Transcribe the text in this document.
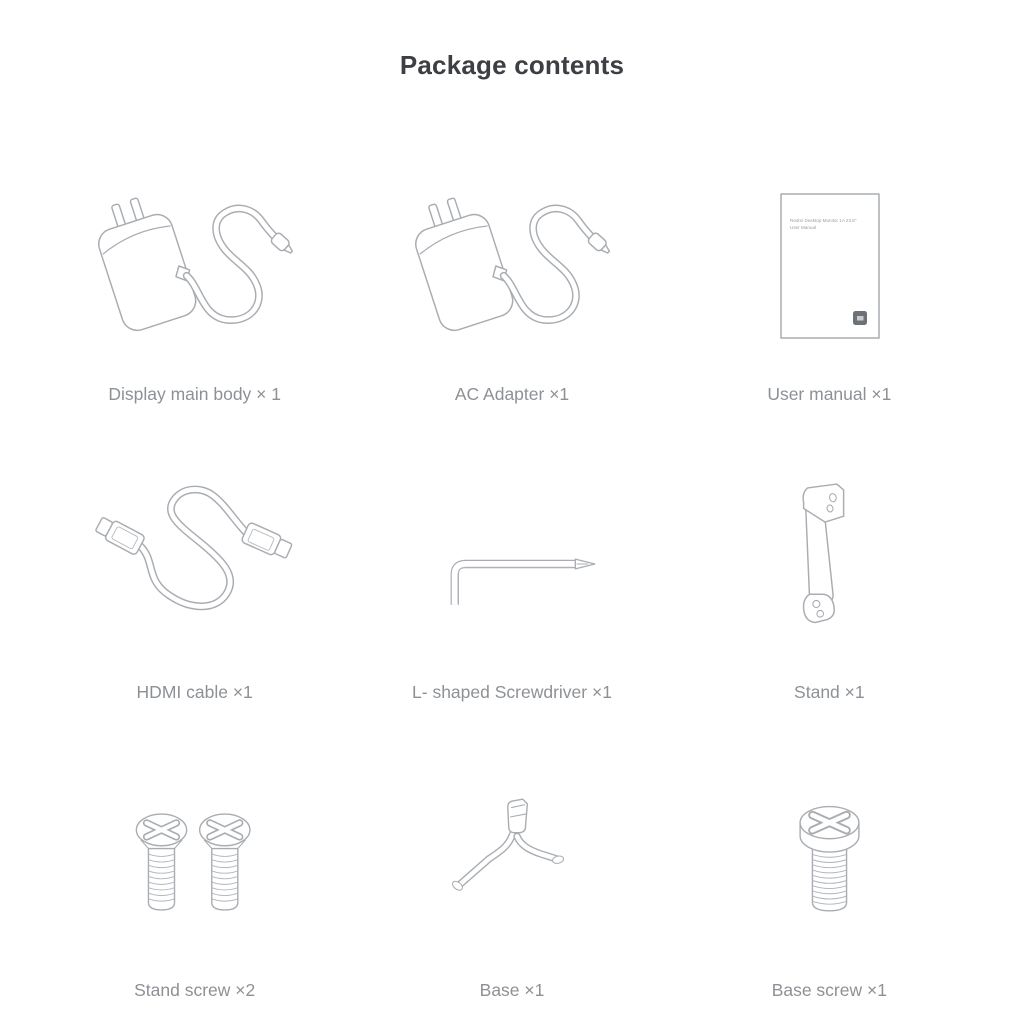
Package contents
Display main body × 1	AC Adapter ×1
Redmi Desktop Monitor 1A 23.8"
User Manual
User manual ×1
HDMI cable ×1	L- shaped Screwdriver ×1	Stand ×1
Stand screw ×2	Base ×1	Base screw ×1
